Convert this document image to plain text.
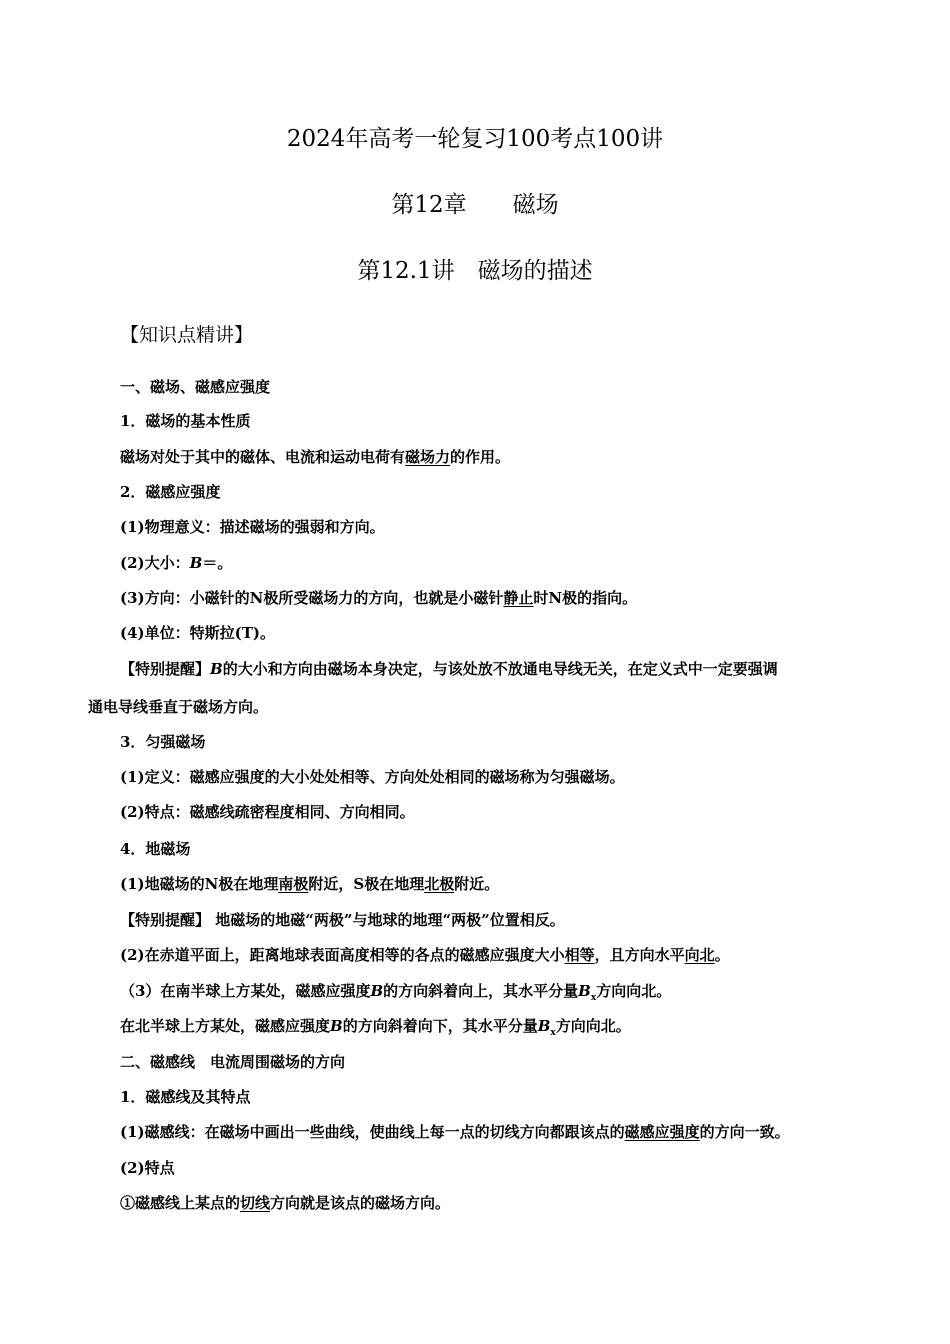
2024年高考一轮复习100考点100讲
第12章　　磁场
第12.1讲　磁场的描述
【知识点精讲】
一、磁场、磁感应强度
1．磁场的基本性质
磁场对处于其中的磁体、电流和运动电荷有磁场力的作用。
2．磁感应强度
(1)物理意义：描述磁场的强弱和方向。
(2)大小：B＝。
(3)方向：小磁针的N极所受磁场力的方向，也就是小磁针静止时N极的指向。
(4)单位：特斯拉(T)。
【特别提醒】B的大小和方向由磁场本身决定，与该处放不放通电导线无关，在定义式中一定要强调
通电导线垂直于磁场方向。
3．匀强磁场
(1)定义：磁感应强度的大小处处相等、方向处处相同的磁场称为匀强磁场。
(2)特点：磁感线疏密程度相同、方向相同。
4．地磁场
(1)地磁场的N极在地理南极附近，S极在地理北极附近。
【特别提醒】 地磁场的地磁“两极”与地球的地理“两极”位置相反。
(2)在赤道平面上，距离地球表面高度相等的各点的磁感应强度大小相等，且方向水平向北。
（3）在南半球上方某处，磁感应强度B的方向斜着向上，其水平分量$B_x$方向向北。
在北半球上方某处，磁感应强度B的方向斜着向下，其水平分量$B_x$方向向北。
二、磁感线　电流周围磁场的方向
1．磁感线及其特点
(1)磁感线：在磁场中画出一些曲线，使曲线上每一点的切线方向都跟该点的磁感应强度的方向一致。
(2)特点
①磁感线上某点的切线方向就是该点的磁场方向。
